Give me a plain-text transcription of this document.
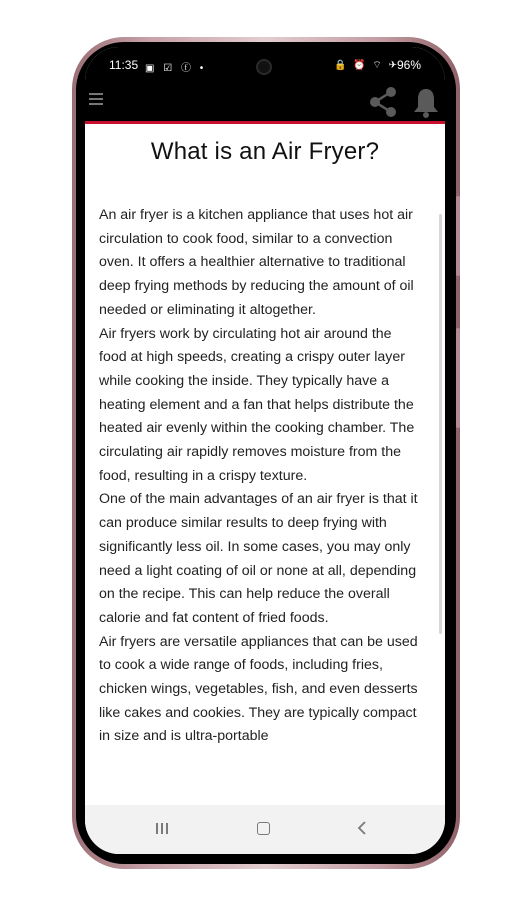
11:35 ▣ ☑ ⓕ •	🔒 ⏰ ⌔ ✈
96%
What is an Air Fryer?

An air fryer is a kitchen appliance that uses hot air circulation to cook food, similar to a convection oven. It offers a healthier alternative to traditional deep frying methods by reducing the amount of oil needed or eliminating it altogether.

Air fryers work by circulating hot air around the food at high speeds, creating a crispy outer layer while cooking the inside. They typically have a heating element and a fan that helps distribute the heated air evenly within the cooking chamber. The circulating air rapidly removes moisture from the food, resulting in a crispy texture.

One of the main advantages of an air fryer is that it can produce similar results to deep frying with significantly less oil. In some cases, you may only need a light coating of oil or none at all, depending on the recipe. This can help reduce the overall calorie and fat content of fried foods.

Air fryers are versatile appliances that can be used to cook a wide range of foods, including fries, chicken wings, vegetables, fish, and even desserts like cakes and cookies. They are typically compact in size and is ultra-portable
